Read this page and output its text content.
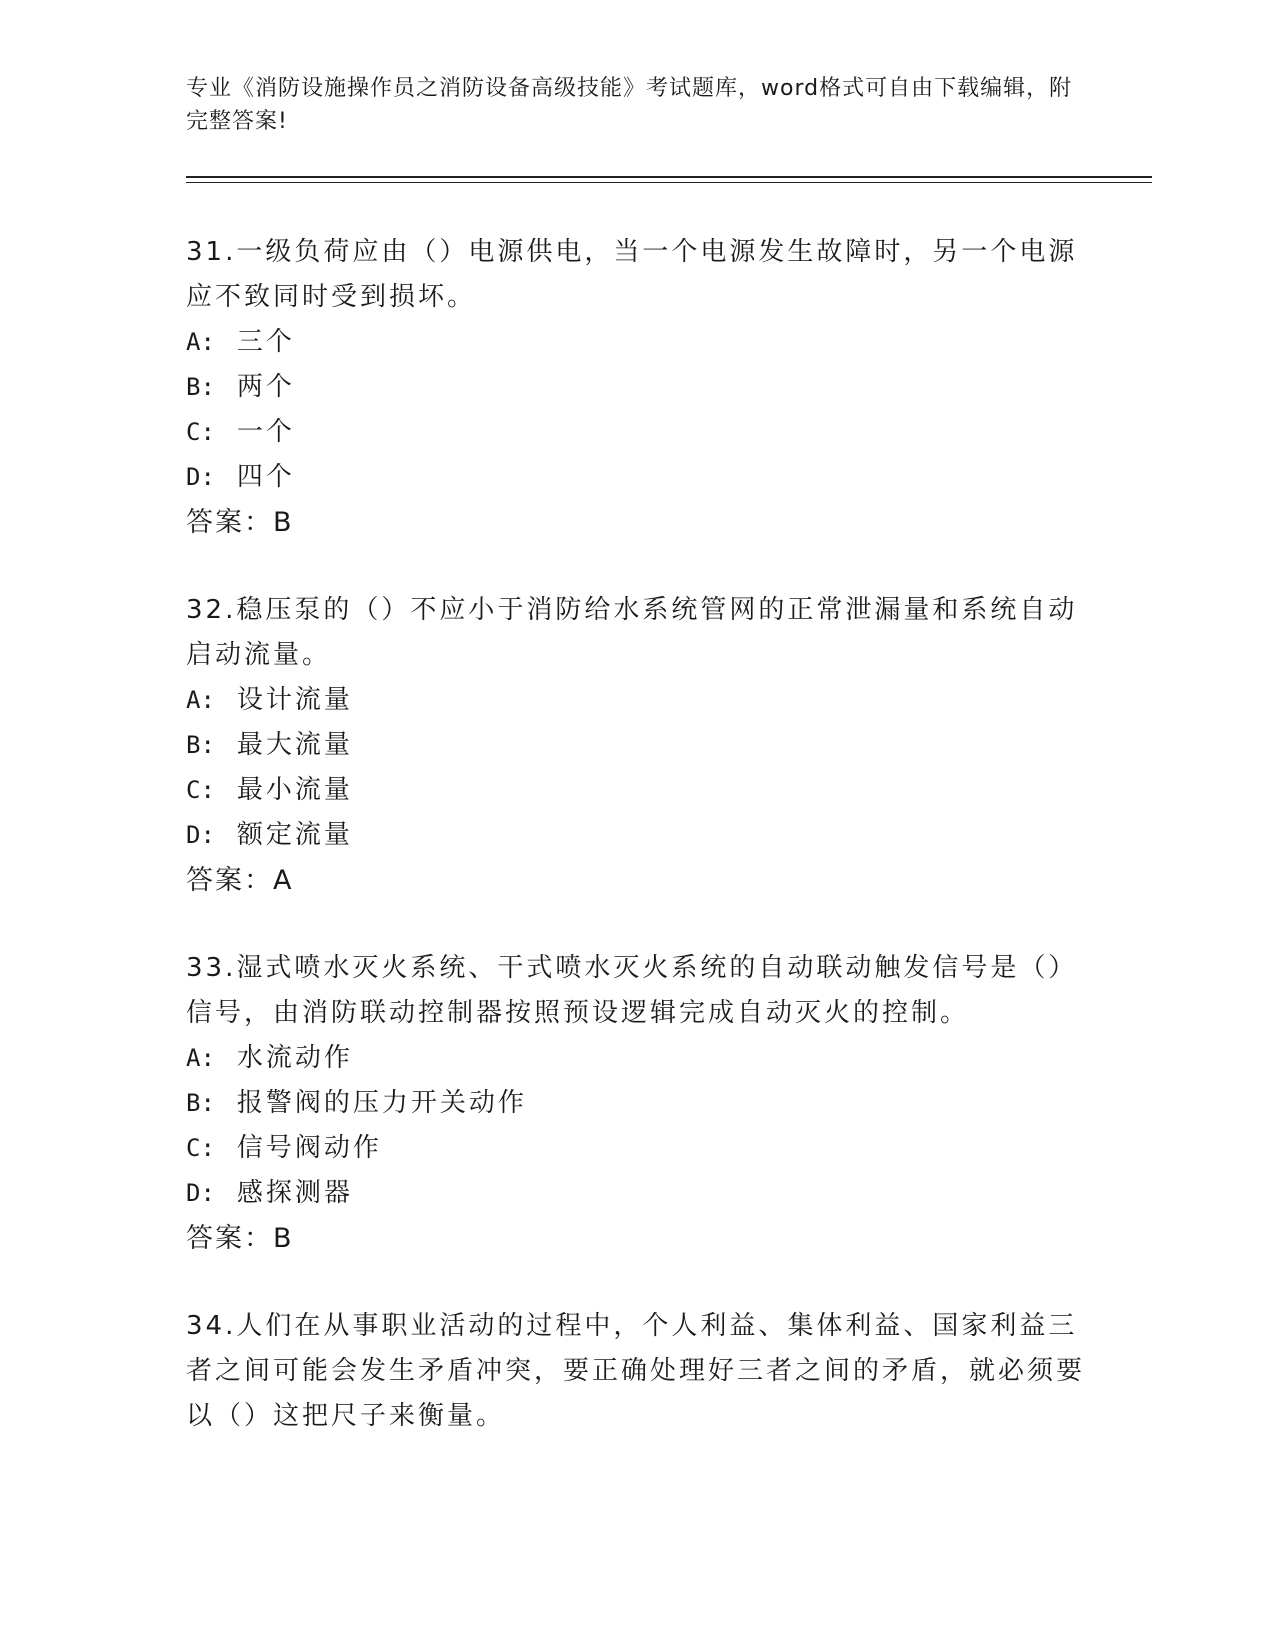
专业《消防设施操作员之消防设备高级技能》考试题库，word格式可自由下载编辑，附完整答案!
31.一级负荷应由（）电源供电，当一个电源发生故障时，另一个电源应不致同时受到损坏。
A: 三个
B: 两个
C: 一个
D: 四个
答案：B
32.稳压泵的（）不应小于消防给水系统管网的正常泄漏量和系统自动启动流量。
A: 设计流量
B: 最大流量
C: 最小流量
D: 额定流量
答案：A
33.湿式喷水灭火系统、干式喷水灭火系统的自动联动触发信号是（）信号，由消防联动控制器按照预设逻辑完成自动灭火的控制。
A: 水流动作
B: 报警阀的压力开关动作
C: 信号阀动作
D: 感探测器
答案：B
34.人们在从事职业活动的过程中，个人利益、集体利益、国家利益三者之间可能会发生矛盾冲突，要正确处理好三者之间的矛盾，就必须要以（）这把尺子来衡量。
